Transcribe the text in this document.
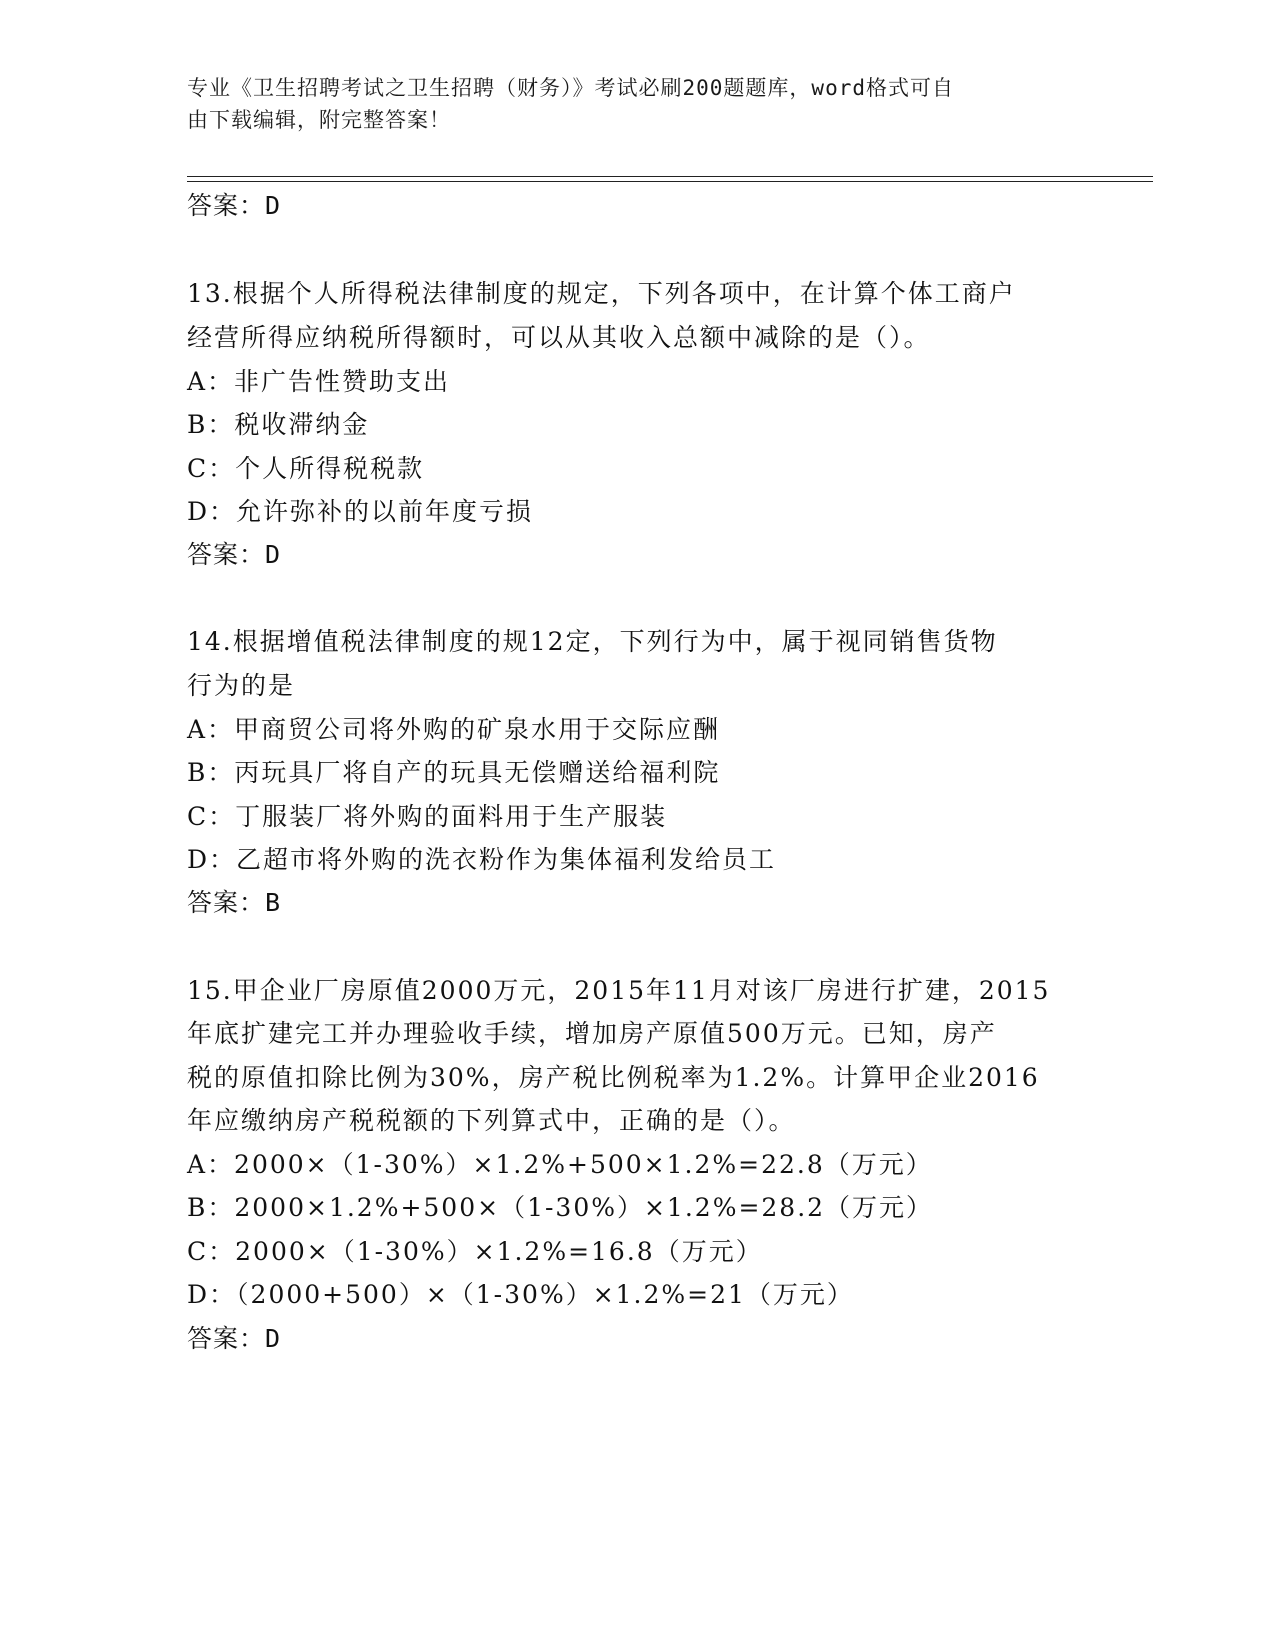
专业《卫生招聘考试之卫生招聘（财务）》考试必刷200题题库，word格式可自
由下载编辑，附完整答案！
答案：D
13.根据个人所得税法律制度的规定，下列各项中，在计算个体工商户
经营所得应纳税所得额时，可以从其收入总额中减除的是（）。
A：非广告性赞助支出
B：税收滞纳金
C：个人所得税税款
D：允许弥补的以前年度亏损
答案：D
14.根据增值税法律制度的规12定，下列行为中，属于视同销售货物
行为的是
A：甲商贸公司将外购的矿泉水用于交际应酬
B：丙玩具厂将自产的玩具无偿赠送给福利院
C：丁服装厂将外购的面料用于生产服装
D：乙超市将外购的洗衣粉作为集体福利发给员工
答案：B
15.甲企业厂房原值2000万元，2015年11月对该厂房进行扩建，2015
年底扩建完工并办理验收手续，增加房产原值500万元。已知，房产
税的原值扣除比例为30%，房产税比例税率为1.2%。计算甲企业2016
年应缴纳房产税税额的下列算式中，正确的是（）。
A：2000×（1-30%）×1.2%+500×1.2%=22.8（万元）
B：2000×1.2%+500×（1-30%）×1.2%=28.2（万元）
C：2000×（1-30%）×1.2%=16.8（万元）
D：（2000+500）×（1-30%）×1.2%=21（万元）
答案：D
